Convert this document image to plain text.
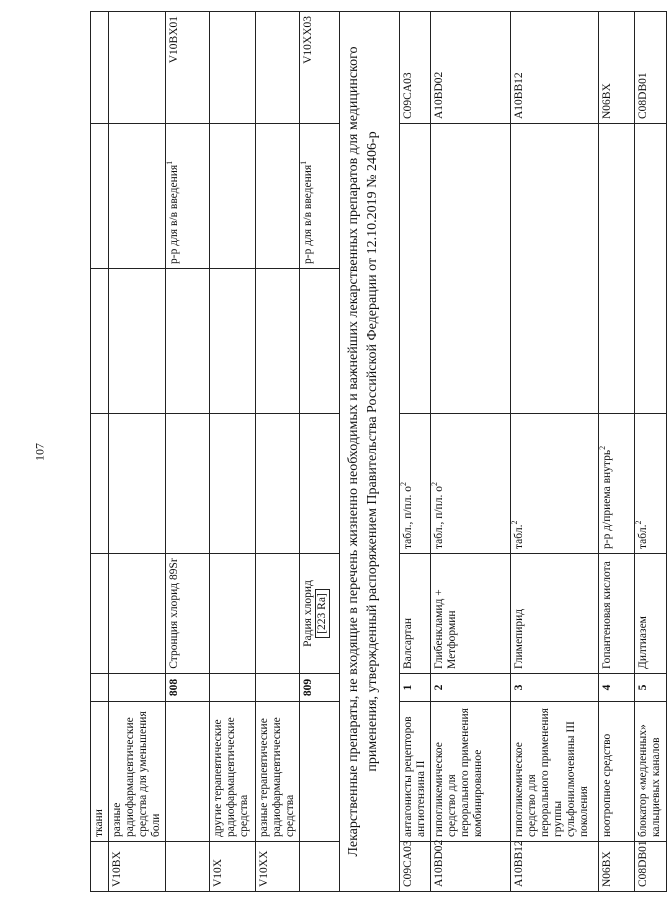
107
	ткани						
V10BX	разные радиофармацевтические средства для уменьшения боли						
		808	Стронция хлорид 89Sr			р-р для в/в введения$^1$	V10BX01
V10X	другие терапевтические радиофармацевтические средства						
V10XX	разные терапевтические радиофармацевтические средства						
		809	Радия хлорид [223 Ra]			р-р для в/в введения$^1$	V10XX03
Лекарственные препараты, не входящие в перечень жизненно необходимых и важнейших лекарственных препаратов для медицинского применения, утвержденный распоряжением Правительства Российской Федерации от 12.10.2019 № 2406-р							
C09CA03	антагонисты рецепторов ангиотензина II	1	Валсартан	табл., п/пл. $о^2$			C09CA03
A10BD02	гипогликемическое средство для перорального применения комбинированное	2	Глибенкламид + Метформин	табл., п/пл. $о^2$			A10BD02
A10BB12	гипогликемическое средство для перорального применения группы сульфонилмочевины III поколения	3	Глимепирид	табл.$^2$			A10BB12
N06BX	ноотропное средство	4	Гопантеновая кислота	р-р д/приема внутрь$^2$			N06BX
C08DB01	блокатор «медленных» кальциевых каналов	5	Дилтиазем	табл.$^2$			C08DB01
